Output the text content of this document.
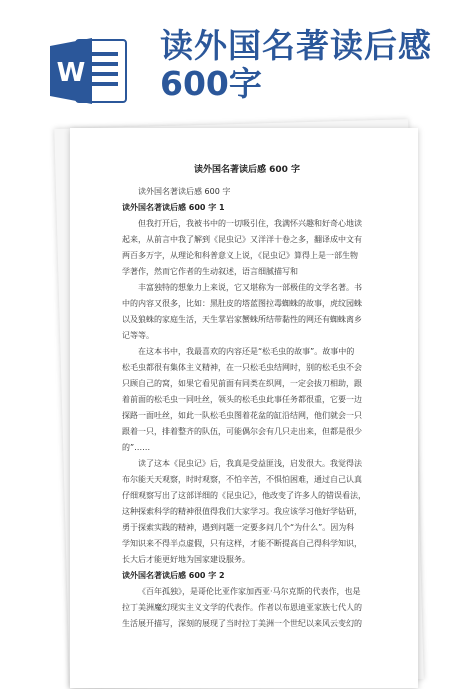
W
读外国名著读后感
600字

读外国名著读后感 600 字

读外国名著读后感 600 字

读外国名著读后感 600 字 1

但我打开后，我被书中的一切吸引住，我满怀兴趣和好奇心地读

起来，从前言中我了解到《昆虫记》又洋洋十卷之多，翻译成中文有

两百多万字，从理论和科普意义上说，《昆虫记》算得上是一部生物

学著作，然而它作者的生动叙述，语言细腻描写和

丰富独特的想象力上来说，它又堪称为一部极佳的文学名著。书

中的内容又很多，比如：黑肚皮的塔蓝图拉毒蜘蛛的故事，虎纹园蛛

以及狼蛛的家庭生活，天生掌岩家蟹蛛所结带黏性的网还有蜘蛛离乡

记等等。

在这本书中，我最喜欢的内容还是“松毛虫的故事”。故事中的

松毛虫都很有集体主义精神，在一只松毛虫结网时，别的松毛虫不会

只顾自己的窝，如果它看见前面有同类在织网，一定会拔刀相助，跟

着前面的松毛虫一同吐丝，领头的松毛虫此事任务都很重，它要一边

探路一面吐丝，如此一队松毛虫图着花盆的缸沿结网，他们就会一只

跟着一只，排着整齐的队伍，可能偶尔会有几只走出来，但都是很少

的”……

读了这本《昆虫记》后，我真是受益匪浅，启发很大。我觉得法

布尔能天天观察，时时观察，不怕辛苦，不惧怕困难，通过自己认真

仔细观察写出了这部详细的《昆虫记》，他改变了许多人的错误看法，

这种探索科学的精神很值得我们大家学习。我应该学习他好学钻研，

勇于探索实践的精神，遇到问题一定要多问几个“为什么”。因为科

学知识来不得半点虚假，只有这样，才能不断提高自己得科学知识，

长大后才能更好地为国家建设服务。

读外国名著读后感 600 字 2

《百年孤独》，是哥伦比亚作家加西亚·马尔克斯的代表作，也是

拉丁美洲魔幻现实主义文学的代表作。作者以布恩迪亚家族七代人的

生活展开描写，深刻的展现了当时拉丁美洲一个世纪以来风云变幻的
